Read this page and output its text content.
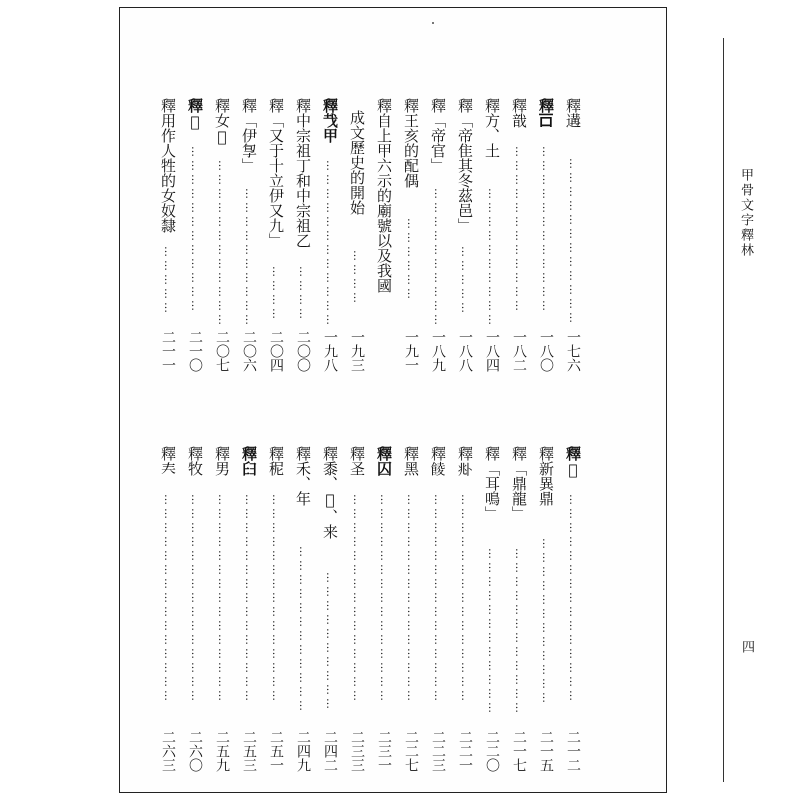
甲骨文字釋林
四
釋遘
………………………………
一七六
釋𠮛
………………………………
一八〇
釋戠
………………………………
一八二
釋方、土
…………………………
一八四
釋「帝隹其冬茲邑」
……………
一八八
釋「帝官」
…………………………
一八九
釋王亥的配偶
………………
一九一
釋自上甲六示的廟號以及我國
成文歷史的開始
…………
一九三
釋𢦏甲
………………………………
一九八
釋中宗祖丁和中宗祖乙
…………
二〇〇
釋「又于十立伊又九」
…………
二〇四
釋「伊㝁」
…………………………
二〇六
釋女𡛣
………………………………
二〇七
釋𡚬
………………………………
二一〇
釋用作人牲的女奴隸
……………
二一一
釋𡚤
………………………………………
二一二
釋新異鼎
………………………………
二一五
釋「鼎龍」
………………………………
二一七
釋「耳鳴」
………………………………
二二〇
釋𠧞
………………………………………
二二一
釋𩜁
………………………………………
二二三
釋黑
………………………………………
二二七
釋囚
………………………………………
二三一
釋圣
………………………………………
二三三
釋黍、𪉕、来
…………………………
二四二
釋禾、年
………………………………
二四九
釋秜
………………………………………
二五一
釋𦥑
………………………………………
二五三
釋男
………………………………………
二五九
釋牧
………………………………………
二六〇
釋𡗗
………………………………………
二六三
